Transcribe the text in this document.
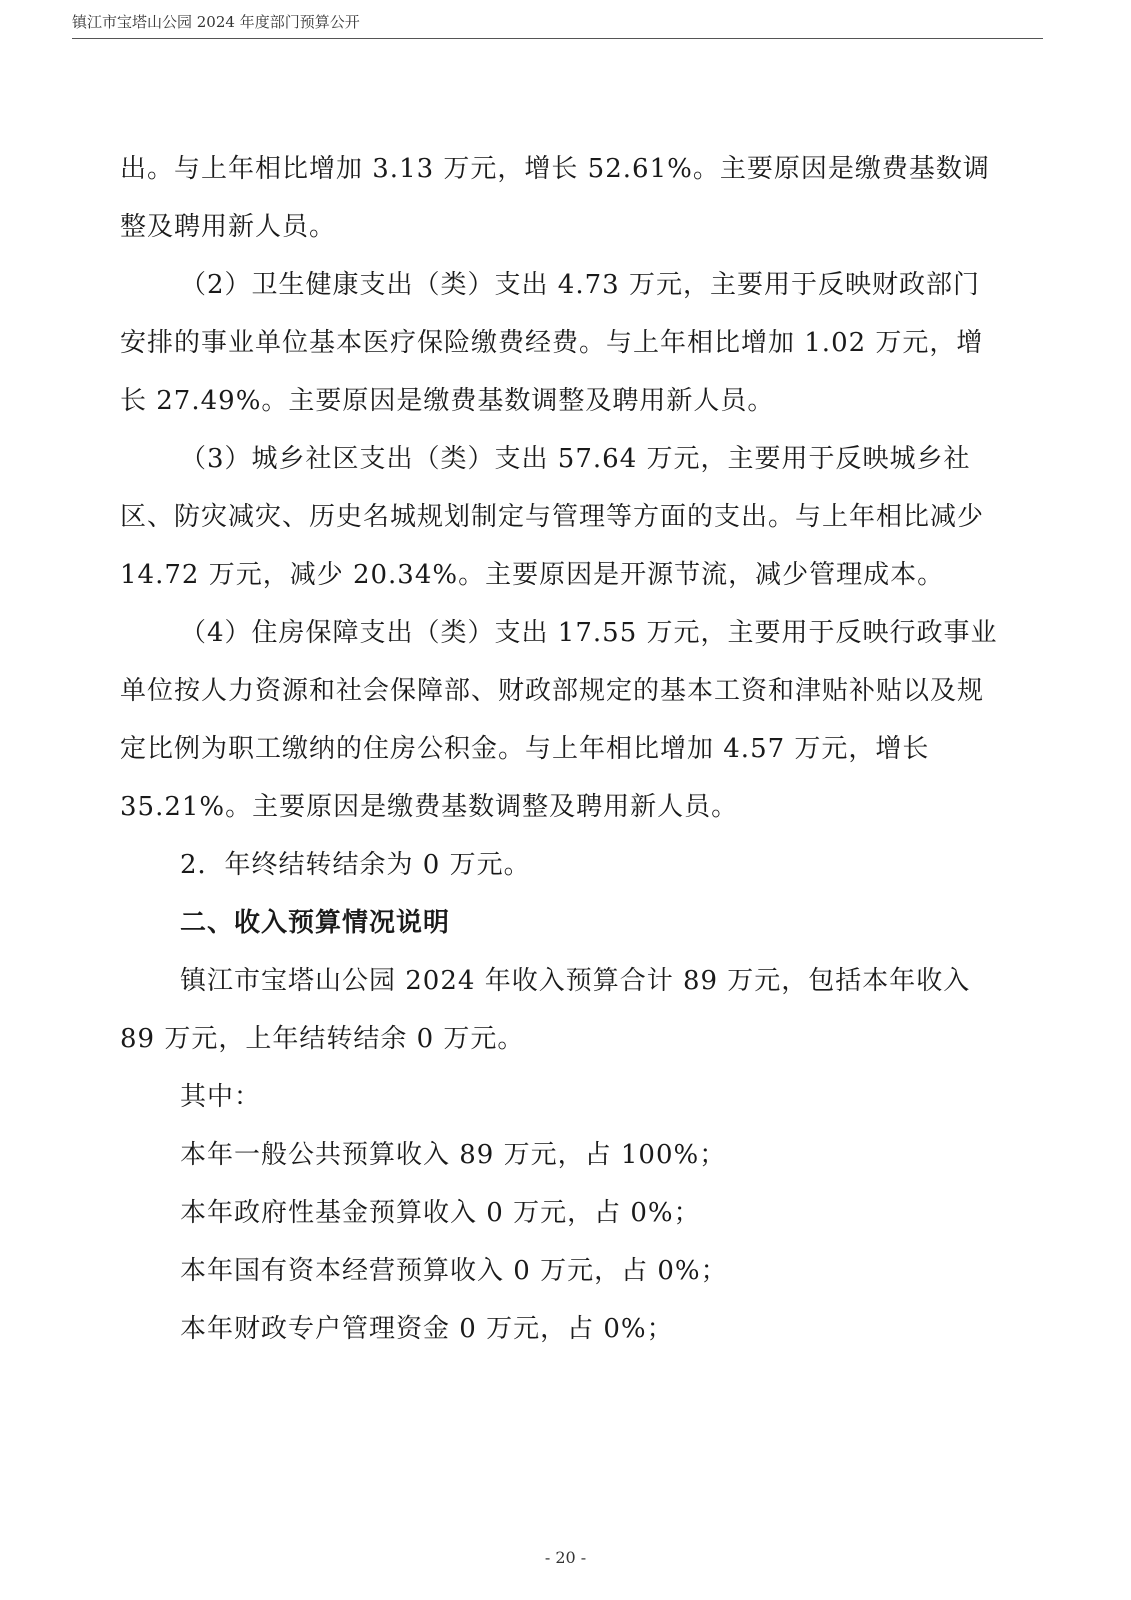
镇江市宝塔山公园 2024 年度部门预算公开

出。与上年相比增加 3.13 万元，增长 52.61%。主要原因是缴费基数调整及聘用新人员。

（2）卫生健康支出（类）支出 4.73 万元，主要用于反映财政部门安排的事业单位基本医疗保险缴费经费。与上年相比增加 1.02 万元，增长 27.49%。主要原因是缴费基数调整及聘用新人员。

（3）城乡社区支出（类）支出 57.64 万元，主要用于反映城乡社区、防灾减灾、历史名城规划制定与管理等方面的支出。与上年相比减少 14.72 万元，减少 20.34%。主要原因是开源节流，减少管理成本。

（4）住房保障支出（类）支出 17.55 万元，主要用于反映行政事业单位按人力资源和社会保障部、财政部规定的基本工资和津贴补贴以及规定比例为职工缴纳的住房公积金。与上年相比增加 4.57 万元，增长 35.21%。主要原因是缴费基数调整及聘用新人员。

2．年终结转结余为 0 万元。

二、收入预算情况说明

镇江市宝塔山公园 2024 年收入预算合计 89 万元，包括本年收入 89 万元，上年结转结余 0 万元。

其中：

本年一般公共预算收入 89 万元，占 100%；

本年政府性基金预算收入 0 万元，占 0%；

本年国有资本经营预算收入 0 万元，占 0%；

本年财政专户管理资金 0 万元，占 0%；

- 20 -
